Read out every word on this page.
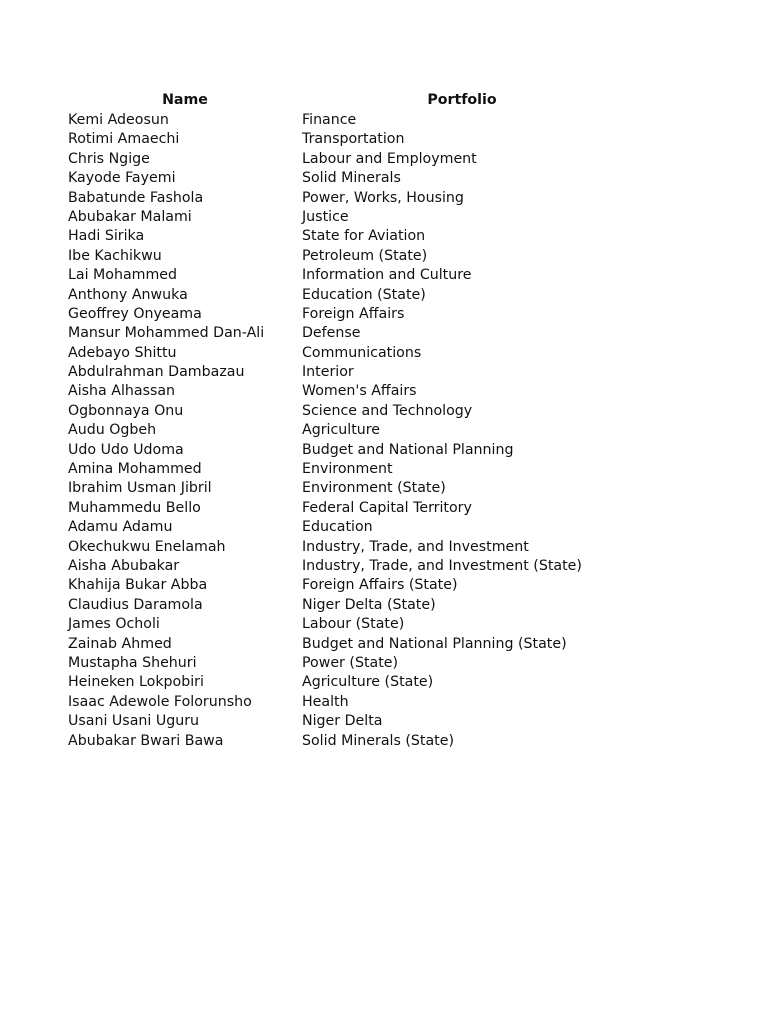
Name	Portfolio
Kemi Adeosun	Finance
Rotimi Amaechi	Transportation
Chris Ngige	Labour and Employment
Kayode Fayemi	Solid Minerals
Babatunde Fashola	Power, Works, Housing
Abubakar Malami	Justice
Hadi Sirika	State for Aviation
Ibe Kachikwu	Petroleum (State)
Lai Mohammed	Information and Culture
Anthony Anwuka	Education (State)
Geoffrey Onyeama	Foreign Affairs
Mansur Mohammed Dan-Ali	Defense
Adebayo Shittu	Communications
Abdulrahman Dambazau	Interior
Aisha Alhassan	Women's Affairs
Ogbonnaya Onu	Science and Technology
Audu Ogbeh	Agriculture
Udo Udo Udoma	Budget and National Planning
Amina Mohammed	Environment
Ibrahim Usman Jibril	Environment (State)
Muhammedu Bello	Federal Capital Territory
Adamu Adamu	Education
Okechukwu Enelamah	Industry, Trade, and Investment
Aisha Abubakar	Industry, Trade, and Investment (State)
Khahija Bukar Abba	Foreign Affairs (State)
Claudius Daramola	Niger Delta (State)
James Ocholi	Labour (State)
Zainab Ahmed	Budget and National Planning (State)
Mustapha Shehuri	Power (State)
Heineken Lokpobiri	Agriculture (State)
Isaac Adewole Folorunsho	Health
Usani Usani Uguru	Niger Delta
Abubakar Bwari Bawa	Solid Minerals (State)
